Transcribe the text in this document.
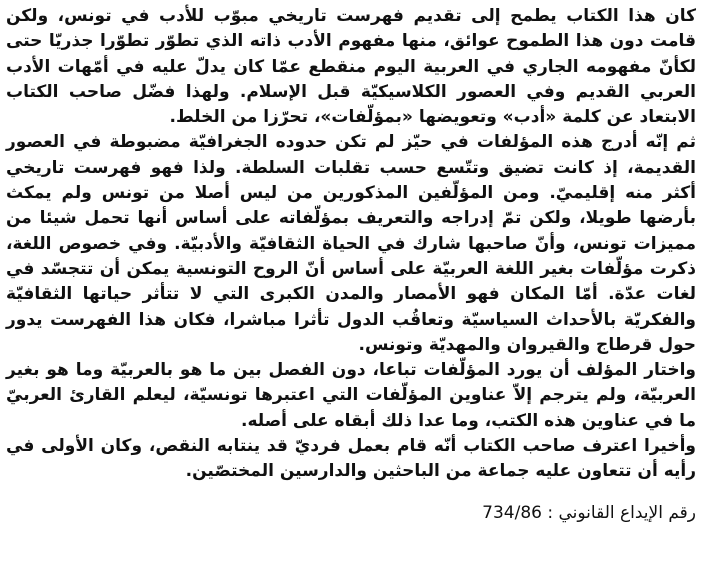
كان هذا الكتاب يطمح إلى تقديم فهرست تاريخي مبوّب للأدب في تونس، ولكن قامت دون هذا الطموح عوائق، منها مفهوم الأدب ذاته الذي تطوّر تطوّرا جذريّا حتى لكأنّ مفهومه الجاري في العربية اليوم منقطع عمّا كان يدلّ عليه في أمّهات الأدب العربي القديم وفي العصور الكلاسيكيّة قبل الإسلام. ولهذا فضّل صاحب الكتاب الابتعاد عن كلمة «أدب» وتعويضها «بمؤلّفات»، تحرّزا من الخلط.

ثم إنّه أدرج هذه المؤلفات في حيّز لم تكن حدوده الجغرافيّة مضبوطة في العصور القديمة، إذ كانت تضيق وتتّسع حسب تقلبات السلطة. ولذا فهو فهرست تاريخي أكثر منه إقليميّ. ومن المؤلّفين المذكورين من ليس أصلا من تونس ولم يمكث بأرضها طويلا، ولكن تمّ إدراجه والتعريف بمؤلّفاته على أساس أنها تحمل شيئا من مميزات تونس، وأنّ صاحبها شارك في الحياة الثقافيّة والأدبيّة. وفي خصوص اللغة، ذكرت مؤلّفات بغير اللغة العربيّة على أساس أنّ الروح التونسية يمكن أن تتجسّد في لغات عدّة. أمّا المكان فهو الأمصار والمدن الكبرى التي لا تتأثر حياتها الثقافيّة والفكريّة بالأحداث السياسيّة وتعاقُب الدول تأثرا مباشرا، فكان هذا الفهرست يدور حول قرطاج والقيروان والمهديّة وتونس.

واختار المؤلف أن يورد المؤلّفات تباعا، دون الفصل بين ما هو بالعربيّة وما هو بغير العربيّة، ولم يترجم إلاّ عناوين المؤلّفات التي اعتبرها تونسيّة، ليعلم القارئ العربيّ ما في عناوين هذه الكتب، وما عدا ذلك أبقاه على أصله.

وأخيرا اعترف صاحب الكتاب أنّه قام بعمل فرديّ قد ينتابه النقص، وكان الأولى في رأيه أن تتعاون عليه جماعة من الباحثين والدارسين المختصّين.

رقم الإيداع القانوني : 734/86
